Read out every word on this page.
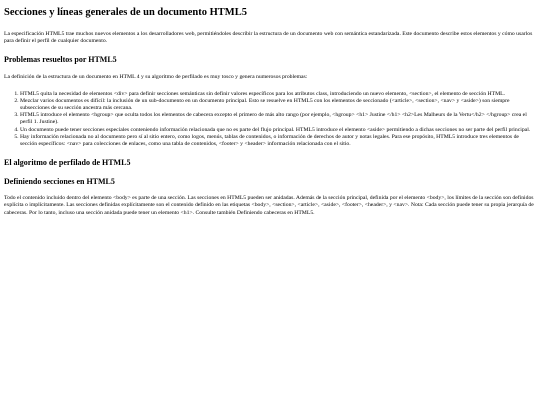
Secciones y líneas generales de un documento HTML5

La especificación HTML5 trae muchos nuevos elementos a los desarrolladores web, permitiéndoles describir la estructura de un documento web con semántica estandarizada. Este documento describe estos elementos y cómo usarlos para definir el perfil de cualquier documento.

Problemas resueltos por HTML5

La definición de la estructura de un documento en HTML 4 y su algoritmo de perfilado es muy tosco y genera numerosos problemas:

1. HTML5 quita la necesidad de elementos <div> para definir secciones semánticas sin definir valores específicos para los atributos class, introduciendo un nuevo elemento, <section>, el elemento de sección HTML.
2. Mezclar varios documentos es difícil: la inclusión de un sub-documento en un documento principal. Esto se resuelve en HTML5 con los elementos de seccionado (<article>, <section>, <nav> y <aside>) son siempre subsecciones de su sección ancestra más cercana.
3. HTML5 introduce el elemento <hgroup> que oculta todos los elementos de cabecera excepto el primero de más alto rango (por ejemplo, <hgroup> <h1> Justine </h1> <h2>Les Malheurs de la Vertu</h2> </hgroup> crea el perfil 1. Justine).
4. Un documento puede tener secciones especiales conteniendo información relacionada que no es parte del flujo principal. HTML5 introduce el elemento <aside> permitiendo a dichas secciones no ser parte del perfil principal.
5. Hay información relacionada no al documento pero sí al sitio entero, como logos, menús, tablas de contenidos, o información de derechos de autor y notas legales. Para ese propósito, HTML5 introduce tres elementos de sección específicos: <nav> para colecciones de enlaces, como una tabla de contenidos, <footer> y <header> información relacionada con el sitio.
El algoritmo de perfilado de HTML5
Definiendo secciones en HTML5

Todo el contenido incluido dentro del elemento <body> es parte de una sección. Las secciones en HTML5 pueden ser anidadas. Además de la sección principal, definida por el elemento <body>, los límites de la sección son definidos explícita o implícitamente. Las secciones definidas explícitamente son el contenido definido en las etiquetas <body>, <section>, <article>, <aside>, <footer>, <header>, y <nav>. Nota: Cada sección puede tener su propia jerarquía de cabeceras. Por lo tanto, incluso una sección anidada puede tener un elemento <h1>. Consulte también Definiendo cabeceras en HTML5.
